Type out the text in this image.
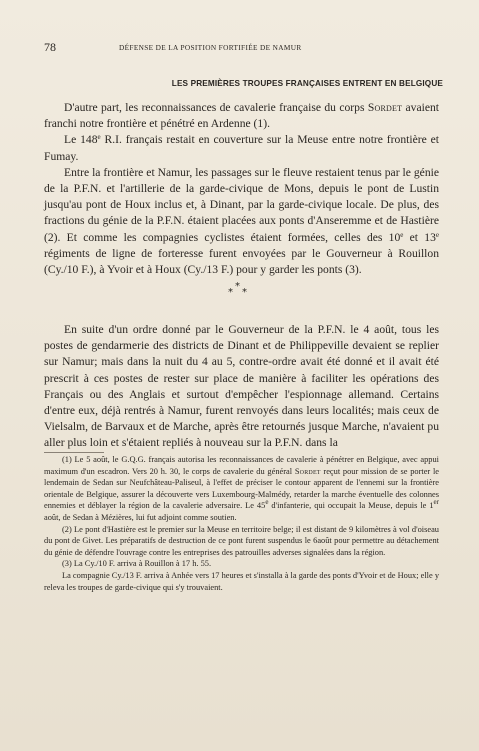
78	DÉFENSE DE LA POSITION FORTIFIÉE DE NAMUR
LES PREMIÈRES TROUPES FRANÇAISES ENTRENT EN BELGIQUE

D'autre part, les reconnaissances de cavalerie française du corps Sordet avaient franchi notre frontière et pénétré en Ardenne (1).

Le 148e R.I. français restait en couverture sur la Meuse entre notre frontière et Fumay.

Entre la frontière et Namur, les passages sur le fleuve restaient tenus par le génie de la P.F.N. et l'artillerie de la garde-civique de Mons, depuis le pont de Lustin jusqu'au pont de Houx inclus et, à Dinant, par la garde-civique locale. De plus, des fractions du génie de la P.F.N. étaient placées aux ponts d'Anseremme et de Hastière (2). Et comme les compagnies cyclistes étaient formées, celles des 10e et 13e régiments de ligne de forteresse furent envoyées par le Gouverneur à Rouillon (Cy./10 F.), à Yvoir et à Houx (Cy./13 F.) pour y garder les ponts (3).

*
* *

En suite d'un ordre donné par le Gouverneur de la P.F.N. le 4 août, tous les postes de gendarmerie des districts de Dinant et de Philippeville devaient se replier sur Namur; mais dans la nuit du 4 au 5, contre-ordre avait été donné et il avait été prescrit à ces postes de rester sur place de manière à faciliter les opérations des Français ou des Anglais et surtout d'empêcher l'espionnage allemand. Certains d'entre eux, déjà rentrés à Namur, furent renvoyés dans leurs localités; mais ceux de Vielsalm, de Barvaux et de Marche, après être retournés jusque Marche, n'avaient pu aller plus loin et s'étaient repliés à nouveau sur la P.F.N. dans la

(1) Le 5 août, le G.Q.G. français autorisa les reconnaissances de cavalerie à pénétrer en Belgique, avec appui maximum d'un escadron. Vers 20 h. 30, le corps de cavalerie du général Sordet reçut pour mission de se porter le lendemain de Sedan sur Neufchâteau-Paliseul, à l'effet de préciser le contour apparent de l'ennemi sur la frontière orientale de Belgique, assurer la découverte vers Luxembourg-Malmédy, retarder la marche éventuelle des colonnes ennemies et déblayer la région de la cavalerie adversaire. Le 45e d'infanterie, qui occupait la Meuse, depuis le 1er août, de Sedan à Mézières, lui fut adjoint comme soutien.

(2) Le pont d'Hastière est le premier sur la Meuse en territoire belge; il est distant de 9 kilomètres à vol d'oiseau du pont de Givet. Les préparatifs de destruction de ce pont furent suspendus le 6août pour permettre au détachement du génie de défendre l'ouvrage contre les entreprises des patrouilles adverses signalées dans la région.

(3) La Cy./10 F. arriva à Rouillon à 17 h. 55.

La compagnie Cy./13 F. arriva à Anhée vers 17 heures et s'installa à la garde des ponts d'Yvoir et de Houx; elle y releva les troupes de garde-civique qui s'y trouvaient.
